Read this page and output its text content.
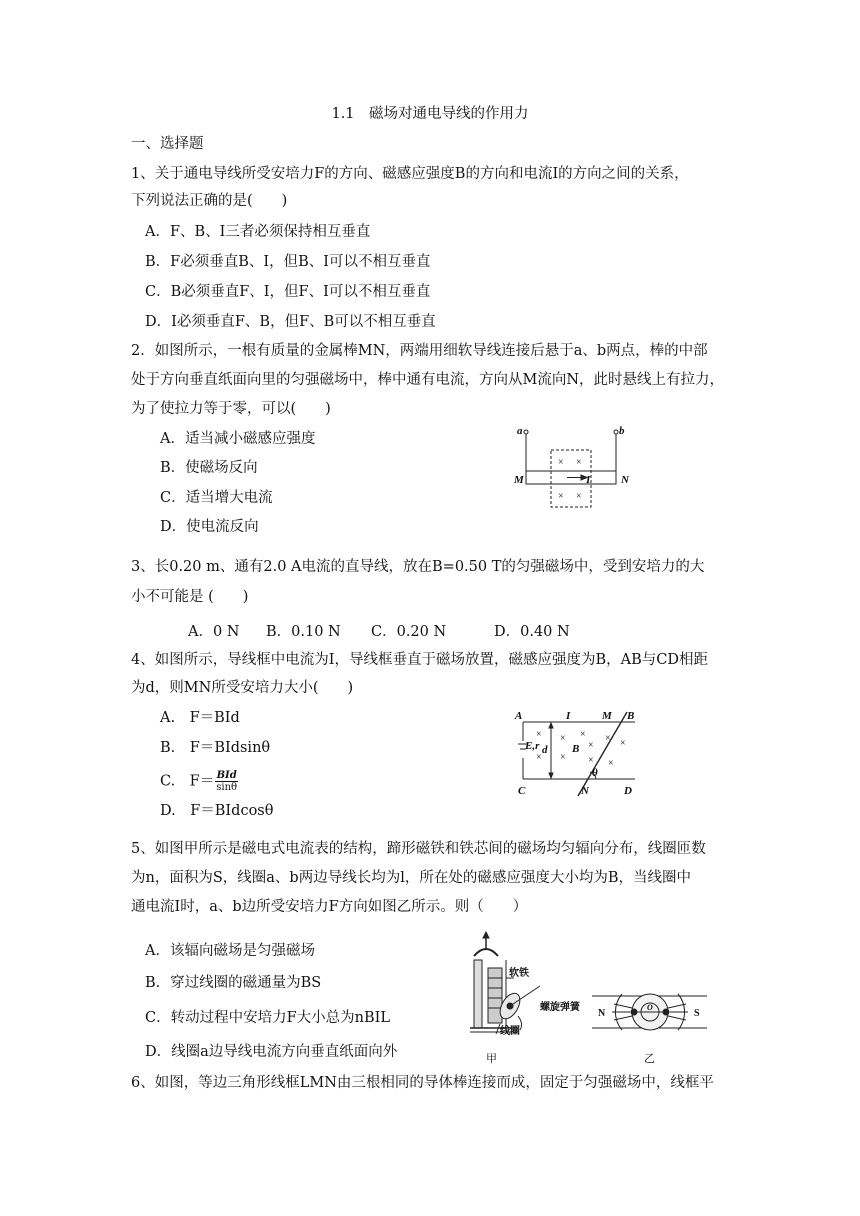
1.1　磁场对通电导线的作用力
一、选择题
1、关于通电导线所受安培力F的方向、磁感应强度B的方向和电流I的方向之间的关系，
下列说法正确的是(　　)
A．F、B、I三者必须保持相互垂直
B．F必须垂直B、I，但B、I可以不相互垂直
C．B必须垂直F、I，但F、I可以不相互垂直
D．I必须垂直F、B，但F、B可以不相互垂直
2．如图所示，一根有质量的金属棒MN，两端用细软导线连接后悬于a、b两点，棒的中部
处于方向垂直纸面向里的匀强磁场中，棒中通有电流，方向从M流向N，此时悬线上有拉力，
为了使拉力等于零，可以(　　)
A．适当减小磁感应强度
B．使磁场反向
C．适当增大电流
D．使电流反向
a	b
M	N
I
× ×
× ×
3、长0.20 m、通有2.0 A电流的直导线，放在B=0.50 T的匀强磁场中，受到安培力的大
小不可能是 (　　)
A．0 N B．0.10 N C．0.20 N	D．0.40 N
4、如图所示，导线框中电流为I，导线框垂直于磁场放置，磁感应强度为B，AB与CD相距
为d，则MN所受安培力大小(　　)
A.　F＝BId
B.　F＝BIdsinθ
C.　F＝ BId
sinθ
D.　F＝BIdcosθ
A	B
C	D
I	M
N
E,r d B
θ
×
×
×
×
×
×
×
× ×
×
5、如图甲所示是磁电式电流表的结构，蹄形磁铁和铁芯间的磁场均匀辐向分布，线圈匝数
为n，面积为S，线圈a、b两边导线长均为l，所在处的磁感应强度大小均为B，当线圈中
通电流I时，a、b边所受安培力F方向如图乙所示。则（　　）
A．该辐向磁场是匀强磁场
B．穿过线圈的磁通量为BS
C．转动过程中安培力F大小总为nBIL
D．线圈a边导线电流方向垂直纸面向外
软铁
螺旋弹簧
线圈
甲
N	S
O
乙
6、如图，等边三角形线框LMN由三根相同的导体棒连接而成，固定于匀强磁场中，线框平
